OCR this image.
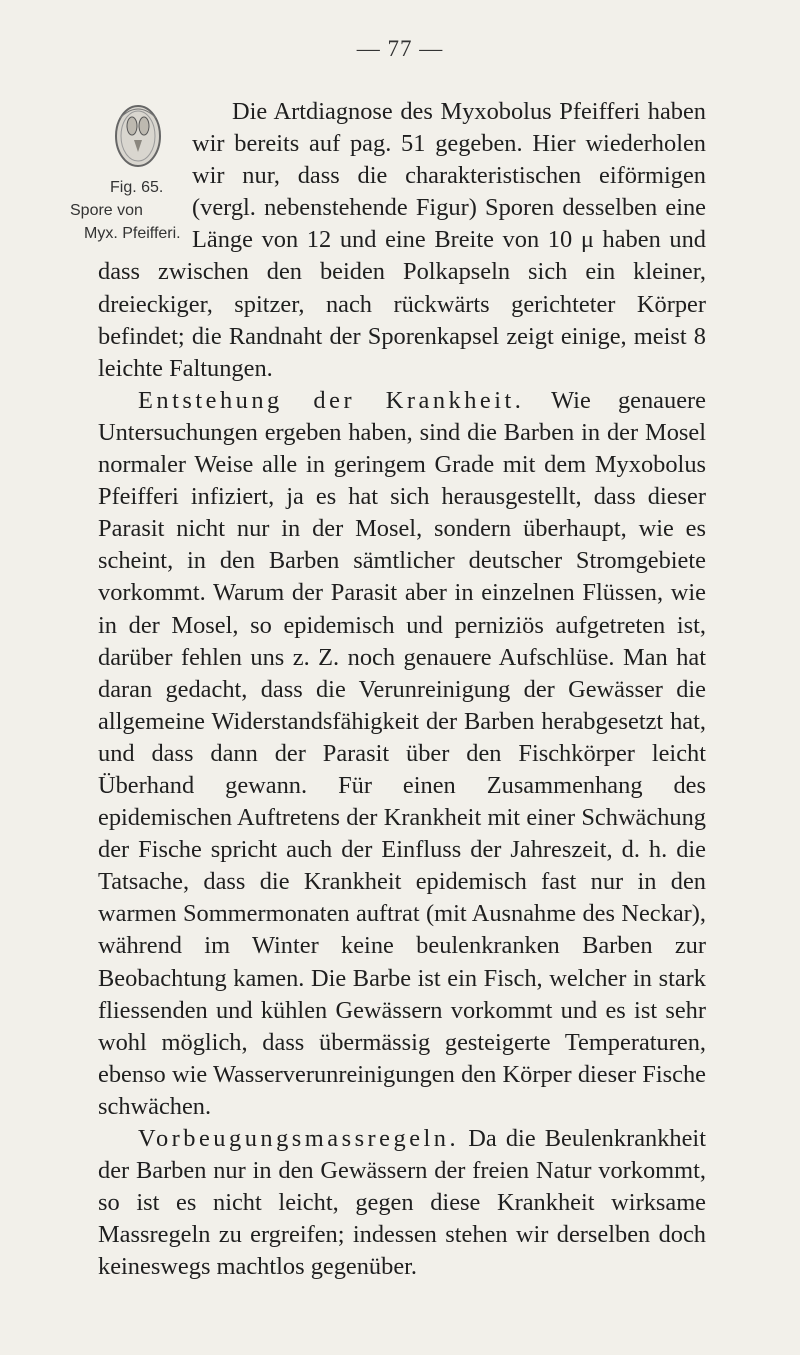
— 77 —

Fig. 65. Spore von
Myx. Pfeifferi.
Die Artdiagnose des Myxobolus Pfeifferi haben wir bereits auf pag. 51 gegeben. Hier wiederholen wir nur, dass die charakteristischen eiförmigen (vergl. nebenstehende Figur) Sporen desselben eine Länge von 12 und eine Breite von 10 μ haben und dass zwischen den beiden Polkapseln sich ein kleiner, dreieckiger, spitzer, nach rückwärts gerichteter Körper befindet; die Randnaht der Sporenkapsel zeigt einige, meist 8 leichte Faltungen.

Entstehung der Krankheit. Wie genauere Untersuchungen ergeben haben, sind die Barben in der Mosel normaler Weise alle in geringem Grade mit dem Myxobolus Pfeifferi infiziert, ja es hat sich herausgestellt, dass dieser Parasit nicht nur in der Mosel, sondern überhaupt, wie es scheint, in den Barben sämtlicher deutscher Stromgebiete vorkommt. Warum der Parasit aber in einzelnen Flüssen, wie in der Mosel, so epidemisch und perniziös aufgetreten ist, darüber fehlen uns z. Z. noch genauere Aufschlüse. Man hat daran gedacht, dass die Verunreinigung der Gewässer die allgemeine Widerstandsfähigkeit der Barben herabgesetzt hat, und dass dann der Parasit über den Fischkörper leicht Überhand gewann. Für einen Zusammenhang des epidemischen Auftretens der Krankheit mit einer Schwächung der Fische spricht auch der Einfluss der Jahreszeit, d. h. die Tatsache, dass die Krankheit epidemisch fast nur in den warmen Sommermonaten auftrat (mit Ausnahme des Neckar), während im Winter keine beulenkranken Barben zur Beobachtung kamen. Die Barbe ist ein Fisch, welcher in stark fliessenden und kühlen Gewässern vorkommt und es ist sehr wohl möglich, dass übermässig gesteigerte Temperaturen, ebenso wie Wasserverunreinigungen den Körper dieser Fische schwächen.

Vorbeugungsmassregeln. Da die Beulenkrankheit der Barben nur in den Gewässern der freien Natur vorkommt, so ist es nicht leicht, gegen diese Krankheit wirksame Massregeln zu ergreifen; indessen stehen wir derselben doch keineswegs machtlos gegenüber.
